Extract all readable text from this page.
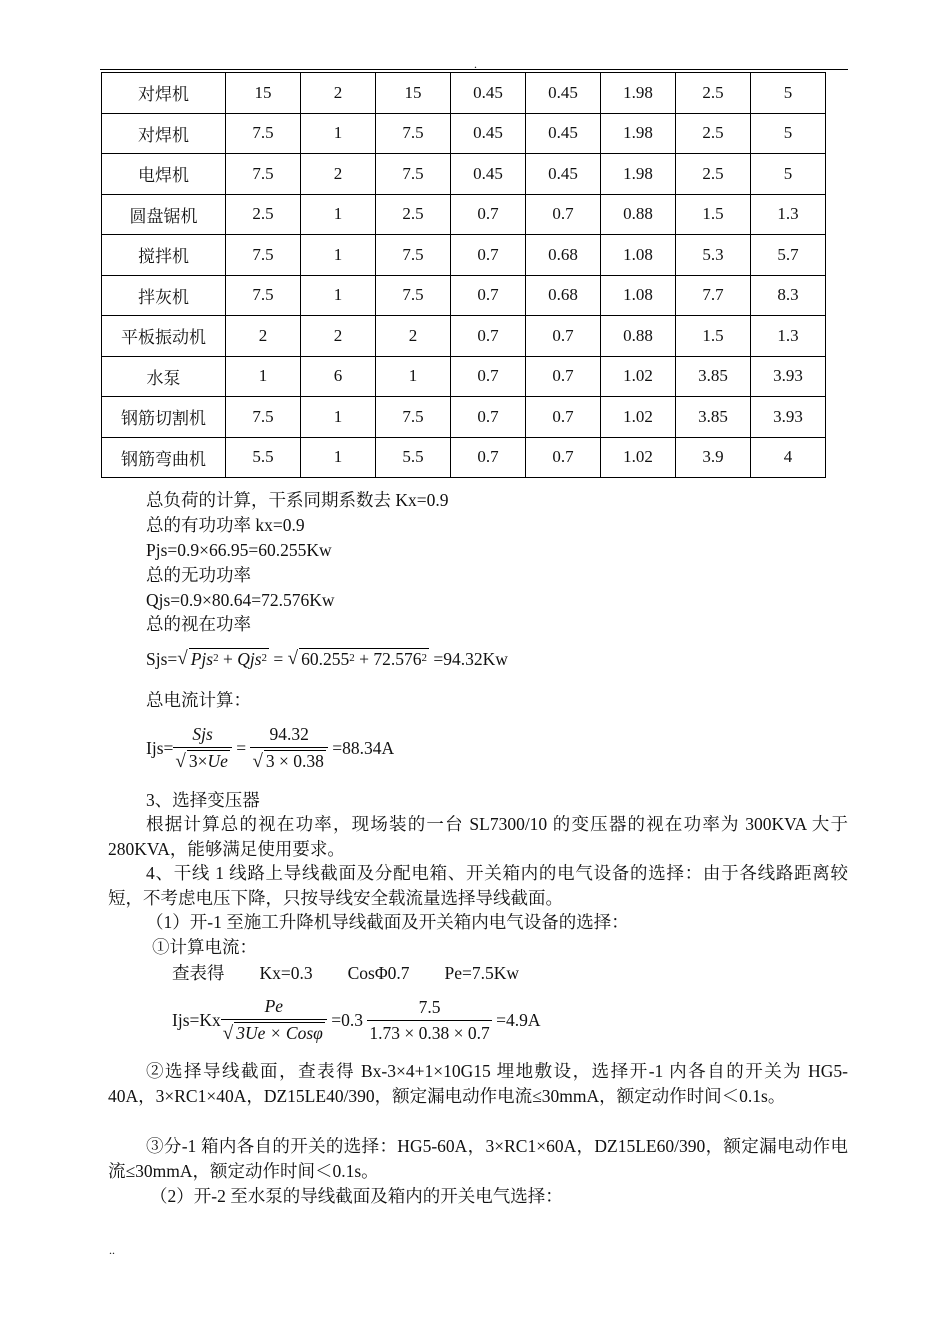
.
对焊机	15	2	15	0.45	0.45	1.98	2.5	5
对焊机	7.5	1	7.5	0.45	0.45	1.98	2.5	5
电焊机	7.5	2	7.5	0.45	0.45	1.98	2.5	5
圆盘锯机	2.5	1	2.5	0.7	0.7	0.88	1.5	1.3
搅拌机	7.5	1	7.5	0.7	0.68	1.08	5.3	5.7
拌灰机	7.5	1	7.5	0.7	0.68	1.08	7.7	8.3
平板振动机	2	2	2	0.7	0.7	0.88	1.5	1.3
水泵	1	6	1	0.7	0.7	1.02	3.85	3.93
钢筋切割机	7.5	1	7.5	0.7	0.7	1.02	3.85	3.93
钢筋弯曲机	5.5	1	5.5	0.7	0.7	1.02	3.9	4
总负荷的计算，干系同期系数去 Kx=0.9
总的有功功率 kx=0.9
Pjs=0.9×66.95=60.255Kw
总的无功功率
Qjs=0.9×80.64=72.576Kw
总的视在功率
Sjs= √ Pjs$^2$ + Qjs$^2$ = √ $60.255^2 + 72.576^2 =94.32Kw$
总电流计算：
$Ijs= \frac{\text{Sjs}}{√ 3\times Ue} = \frac{94.32}{√ 3 \times 0.38} =88.34A$
3、选择变压器
根据计算总的视在功率，现场装的一台 SL7300/10 的变压器的视在功率为 300KVA 大于 280KVA，能够满足使用要求。
4、干线 1 线路上导线截面及分配电箱、开关箱内的电气设备的选择：由于各线路距离较短，不考虑电压下降，只按导线安全载流量选择导线截面。
（1）开-1 至施工升降机导线截面及开关箱内电气设备的选择：
①计算电流：
查表得　　Kx=0.3　　CosΦ0.7　　Pe=7.5Kw
$Ijs=Kx \frac{Pe}{\text{√ 3Ue × Cosφ}} =0.3 \frac{7.5}{1.73 \times 0.38 \times 0.7} =4.9A$
②选择导线截面，查表得 Bx-3×4+1×10G15 埋地敷设，选择开-1 内各自的开关为 HG5-40A，3×RC1×40A，DZ15LE40/390，额定漏电动作电流≤30mmA，额定动作时间＜0.1s。
③分-1 箱内各自的开关的选择：HG5-60A，3×RC1×60A，DZ15LE60/390，额定漏电动作电流≤30mmA，额定动作时间＜0.1s。
（2）开-2 至水泵的导线截面及箱内的开关电气选择：
..
